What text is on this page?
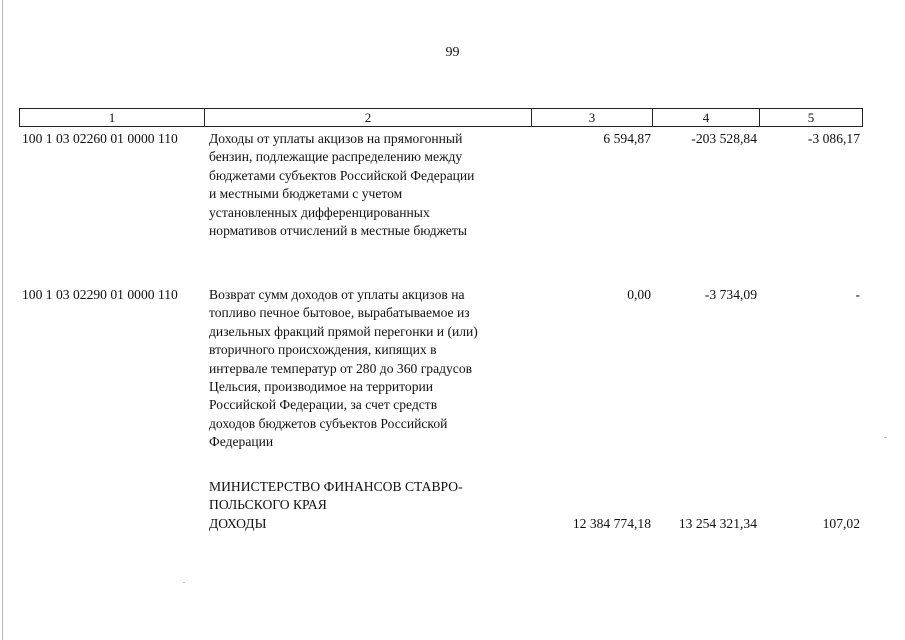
99
1	2	3	4	5
100 1 03 02260 01 0000 110 Доходы от уплаты акцизов на прямогонный
бензин, подлежащие распределению между
бюджетами субъектов Российской Федерации
и местными бюджетами с учетом
установленных дифференцированных
нормативов отчислений в местные бюджеты
6 594,87	-203 528,84	-3 086,17
100 1 03 02290 01 0000 110 Возврат сумм доходов от уплаты акцизов на
топливо печное бытовое, вырабатываемое из
дизельных фракций прямой перегонки и (или)
вторичного происхождения, кипящих в
интервале температур от 280 до 360 градусов
Цельсия, производимое на территории
Российской Федерации, за счет средств
доходов бюджетов субъектов Российской
Федерации
0,00	-3 734,09	-
МИНИСТЕРСТВО ФИНАНСОВ СТАВРО-
ПОЛЬСКОГО КРАЯ
ДОХОДЫ	12 384 774,18	13 254 321,34	107,02
